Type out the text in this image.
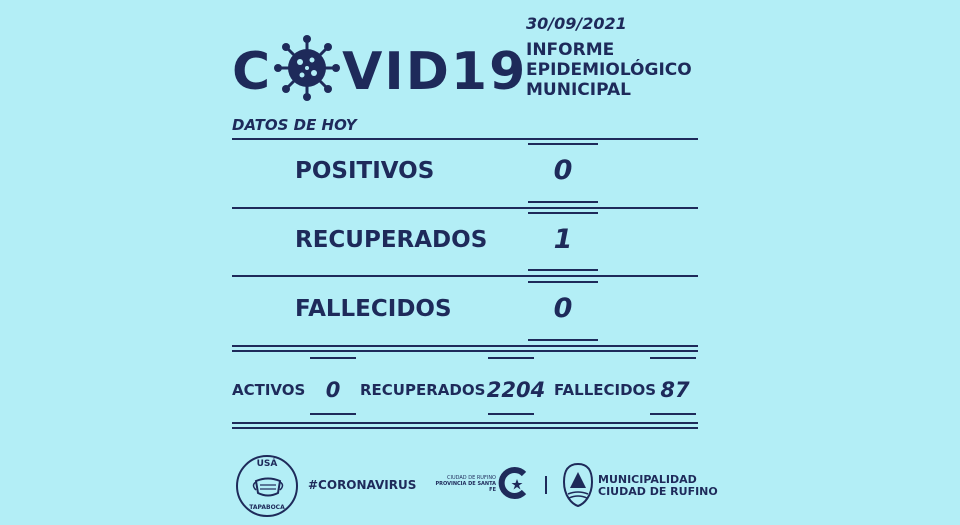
C VID19
30/09/2021
INFORME
EPIDEMIOLÓGICO
MUNICIPAL
DATOS DE HOY
POSITIVOS	0
RECUPERADOS	1
FALLECIDOS	0
ACTIVOS 0	RECUPERADOS 2204 FALLECIDOS 87
USÁ
TAPABOCA
#CORONAVIRUS	CIUDAD DE RUFINO
PROVINCIA DE SANTA FE
MUNICIPALIDAD
CIUDAD DE RUFINO
